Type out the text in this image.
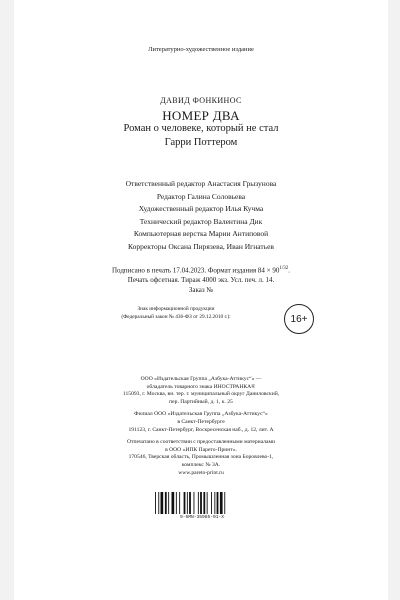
Литературно-художественное издание
ДАВИД ФОНКИНОС
НОМЕР ДВА
Роман о человеке, который не стал
Гарри Поттером
Ответственный редактор Анастасия Грызунова
Редактор Галина Соловьева
Художественный редактор Илья Кучма
Технический редактор Валентина Дик
Компьютерная верстка Марии Антиповой
Корректоры Оксана Пирязева, Иван Игнатьев
Подписано в печать 17.04.2023. Формат издания $84 \times 90^{1/32}$.
Печать офсетная. Тираж 4000 экз. Усл. печ. л. 14.
Заказ №
Знак информационной продукции
(Федеральный закон № 436-ФЗ от 29.12.2010 г.):	16+
ООО «Издательская Группа „Азбука-Аттикус“» —
обладатель товарного знака ИНОСТРАНКА®
115093, г. Москва, вн. тер. г. муниципальный округ Даниловский,
пер. Партийный, д. 1, к. 25
Филиал ООО «Издательская Группа „Азбука-Аттикус“»
в Санкт-Петербурге
191123, г. Санкт-Петербург, Воскресенская наб., д. 12, лит. А
Отпечатано в соответствии с предоставленными материалами
в ООО «ИПК Парето-Принт».
170546, Тверская область, Промышленная зона Боровлево-1,
комплекс № 3А.
www.pareto-print.ru
9-5MN-35985-01-X
